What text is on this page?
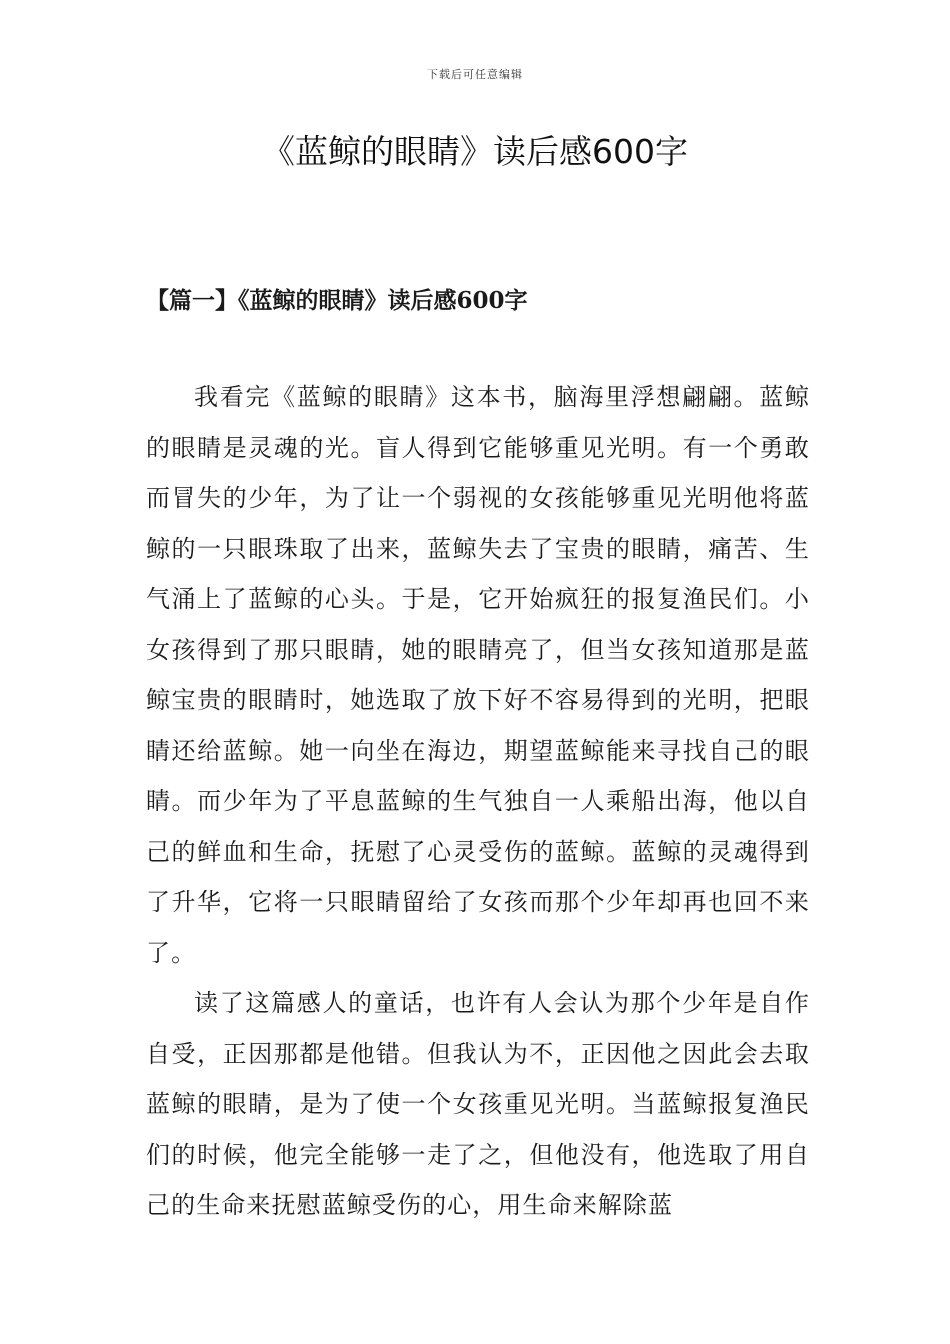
下载后可任意编辑
《蓝鲸的眼睛》读后感600字
【篇一】《蓝鲸的眼睛》读后感600字

我看完《蓝鲸的眼睛》这本书，脑海里浮想翩翩。蓝鲸的眼睛是灵魂的光。盲人得到它能够重见光明。有一个勇敢而冒失的少年，为了让一个弱视的女孩能够重见光明他将蓝鲸的一只眼珠取了出来，蓝鲸失去了宝贵的眼睛，痛苦、生气涌上了蓝鲸的心头。于是，它开始疯狂的报复渔民们。小女孩得到了那只眼睛，她的眼睛亮了，但当女孩知道那是蓝鲸宝贵的眼睛时，她选取了放下好不容易得到的光明，把眼睛还给蓝鲸。她一向坐在海边，期望蓝鲸能来寻找自己的眼睛。而少年为了平息蓝鲸的生气独自一人乘船出海，他以自己的鲜血和生命，抚慰了心灵受伤的蓝鲸。蓝鲸的灵魂得到了升华，它将一只眼睛留给了女孩而那个少年却再也回不来了。

读了这篇感人的童话，也许有人会认为那个少年是自作自受，正因那都是他错。但我认为不，正因他之因此会去取蓝鲸的眼睛，是为了使一个女孩重见光明。当蓝鲸报复渔民们的时候，他完全能够一走了之，但他没有，他选取了用自己的生命来抚慰蓝鲸受伤的心，用生命来解除蓝
